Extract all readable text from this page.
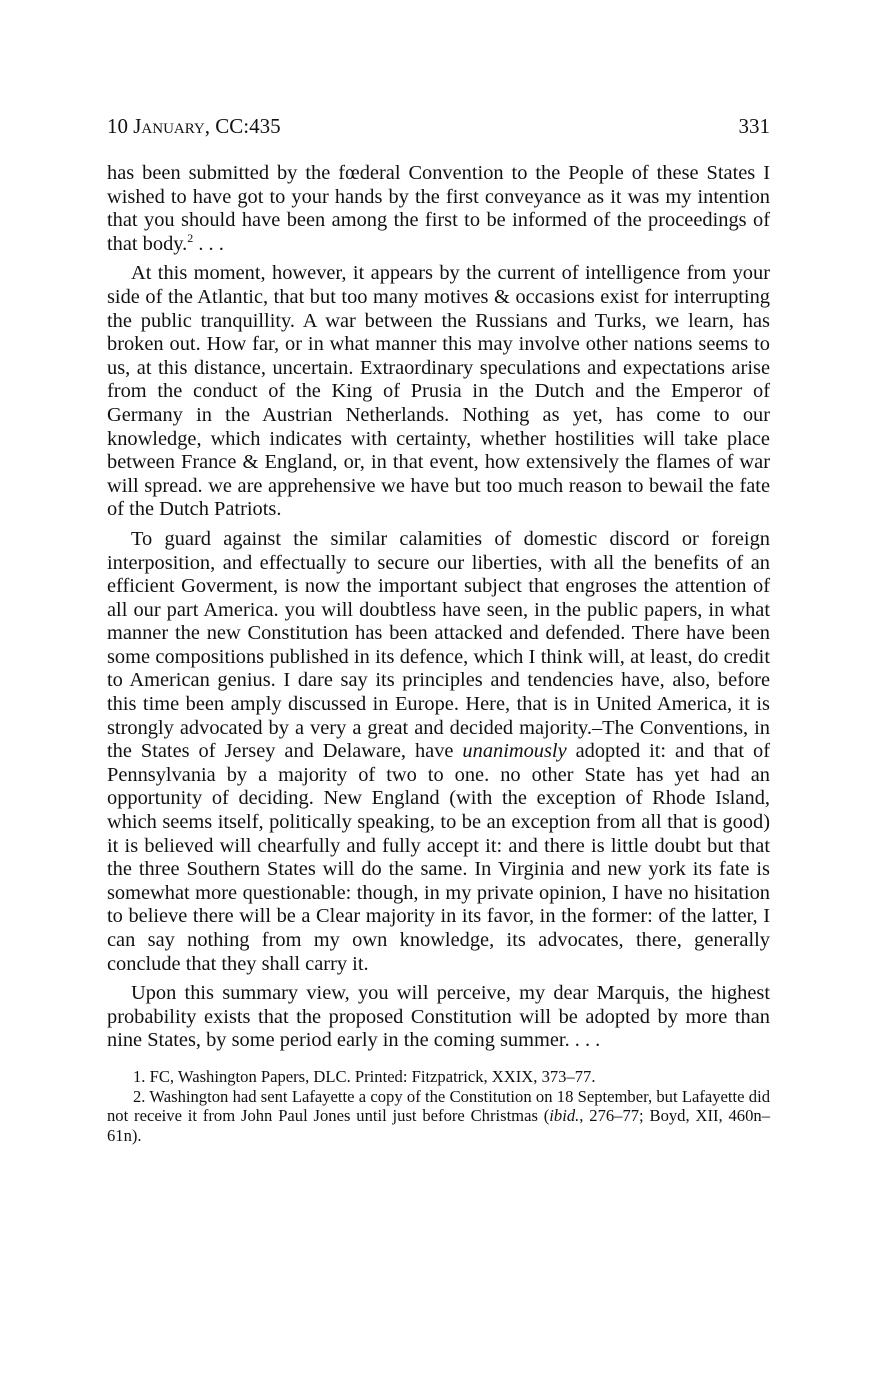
10 January, CC:435	331

has been submitted by the fœderal Convention to the People of these States I wished to have got to your hands by the first conveyance as it was my intention that you should have been among the first to be informed of the proceedings of that body.$^2$ . . .

At this moment, however, it appears by the current of intelligence from your side of the Atlantic, that but too many motives & occasions exist for interrupting the public tranquillity. A war between the Russians and Turks, we learn, has broken out. How far, or in what manner this may involve other nations seems to us, at this distance, uncertain. Extraordinary speculations and expectations arise from the conduct of the King of Prusia in the Dutch and the Emperor of Germany in the Austrian Netherlands. Nothing as yet, has come to our knowledge, which indicates with certainty, whether hostilities will take place between France & England, or, in that event, how extensively the flames of war will spread. we are apprehensive we have but too much reason to bewail the fate of the Dutch Patriots.

To guard against the similar calamities of domestic discord or foreign interposition, and effectually to secure our liberties, with all the benefits of an efficient Goverment, is now the important subject that engroses the attention of all our part America. you will doubtless have seen, in the public papers, in what manner the new Constitution has been attacked and defended. There have been some compositions published in its defence, which I think will, at least, do credit to American genius. I dare say its principles and tendencies have, also, before this time been amply discussed in Europe. Here, that is in United America, it is strongly advocated by a very a great and decided majority.–The Conventions, in the States of Jersey and Delaware, have unanimously adopted it: and that of Pennsylvania by a majority of two to one. no other State has yet had an opportunity of deciding. New England (with the exception of Rhode Island, which seems itself, politically speaking, to be an exception from all that is good) it is believed will chearfully and fully accept it: and there is little doubt but that the three Southern States will do the same. In Virginia and new york its fate is somewhat more questionable: though, in my private opinion, I have no hisitation to believe there will be a Clear majority in its favor, in the former: of the latter, I can say nothing from my own knowledge, its advocates, there, generally conclude that they shall carry it.

Upon this summary view, you will perceive, my dear Marquis, the highest probability exists that the proposed Constitution will be adopted by more than nine States, by some period early in the coming summer. . . .

1. FC, Washington Papers, DLC. Printed: Fitzpatrick, XXIX, 373–77.

2. Washington had sent Lafayette a copy of the Constitution on 18 September, but Lafayette did not receive it from John Paul Jones until just before Christmas (ibid., 276–77; Boyd, XII, 460n–61n).
